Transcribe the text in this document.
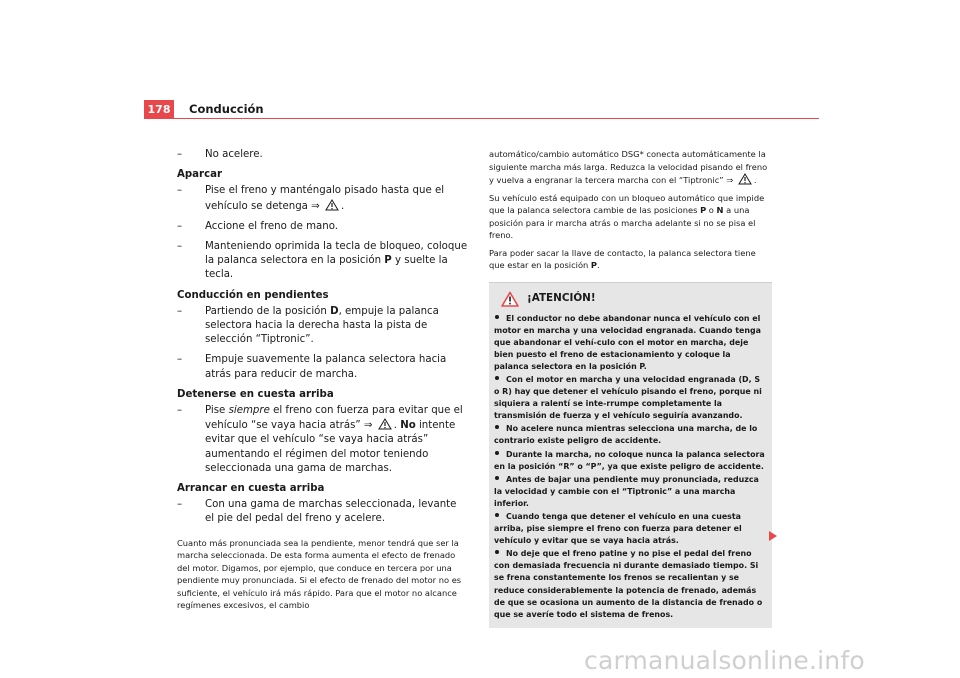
178	Conducción
–	No acelere.
Aparcar
–	Pise el freno y manténgalo pisado hasta que el vehículo se detenga ⇒ .
–	Accione el freno de mano.
–	Manteniendo oprimida la tecla de bloqueo, coloque la palanca selectora en la posición P y suelte la tecla.
Conducción en pendientes
–	Partiendo de la posición D, empuje la palanca selectora hacia la derecha hasta la pista de selección “Tiptronic”.
–	Empuje suavemente la palanca selectora hacia atrás para reducir de marcha.
Detenerse en cuesta arriba
–	Pise siempre el freno con fuerza para evitar que el vehículo “se vaya hacia atrás” ⇒ . No intente evitar que el vehículo “se vaya hacia atrás” aumentando el régimen del motor teniendo seleccionada una gama de marchas.
Arrancar en cuesta arriba
–	Con una gama de marchas seleccionada, levante el pie del pedal del freno y acelere.
Cuanto más pronunciada sea la pendiente, menor tendrá que ser la marcha seleccionada. De esta forma aumenta el efecto de frenado del motor. Digamos, por ejemplo, que conduce en tercera por una pendiente muy pronunciada. Si el efecto de frenado del motor no es suficiente, el vehículo irá más rápido. Para que el motor no alcance regímenes excesivos, el cambio
automático/cambio automático DSG* conecta automáticamente la siguiente marcha más larga. Reduzca la velocidad pisando el freno y vuelva a engranar la tercera marcha con el “Tiptronic” ⇒ .
Su vehículo está equipado con un bloqueo automático que impide que la palanca selectora cambie de las posiciones P o N a una posición para ir marcha atrás o marcha adelante si no se pisa el freno.
Para poder sacar la llave de contacto, la palanca selectora tiene que estar en la posición P.
¡ATENCIÓN!
El conductor no debe abandonar nunca el vehículo con el motor en marcha y una velocidad engranada. Cuando tenga que abandonar el vehí-culo con el motor en marcha, deje bien puesto el freno de estacionamiento y coloque la palanca selectora en la posición P.
Con el motor en marcha y una velocidad engranada (D, S o R) hay que detener el vehículo pisando el freno, porque ni siquiera a ralentí se inte-rrumpe completamente la transmisión de fuerza y el vehículo seguiría avanzando.
No acelere nunca mientras selecciona una marcha, de lo contrario existe peligro de accidente.
Durante la marcha, no coloque nunca la palanca selectora en la posición “R” o “P”, ya que existe peligro de accidente.
Antes de bajar una pendiente muy pronunciada, reduzca la velocidad y cambie con el “Tiptronic” a una marcha inferior.
Cuando tenga que detener el vehículo en una cuesta arriba, pise siempre el freno con fuerza para detener el vehículo y evitar que se vaya hacia atrás.
No deje que el freno patine y no pise el pedal del freno con demasiada frecuencia ni durante demasiado tiempo. Si se frena constantemente los frenos se recalientan y se reduce considerablemente la potencia de frenado, además de que se ocasiona un aumento de la distancia de frenado o que se averíe todo el sistema de frenos.
carmanualsonline.info
